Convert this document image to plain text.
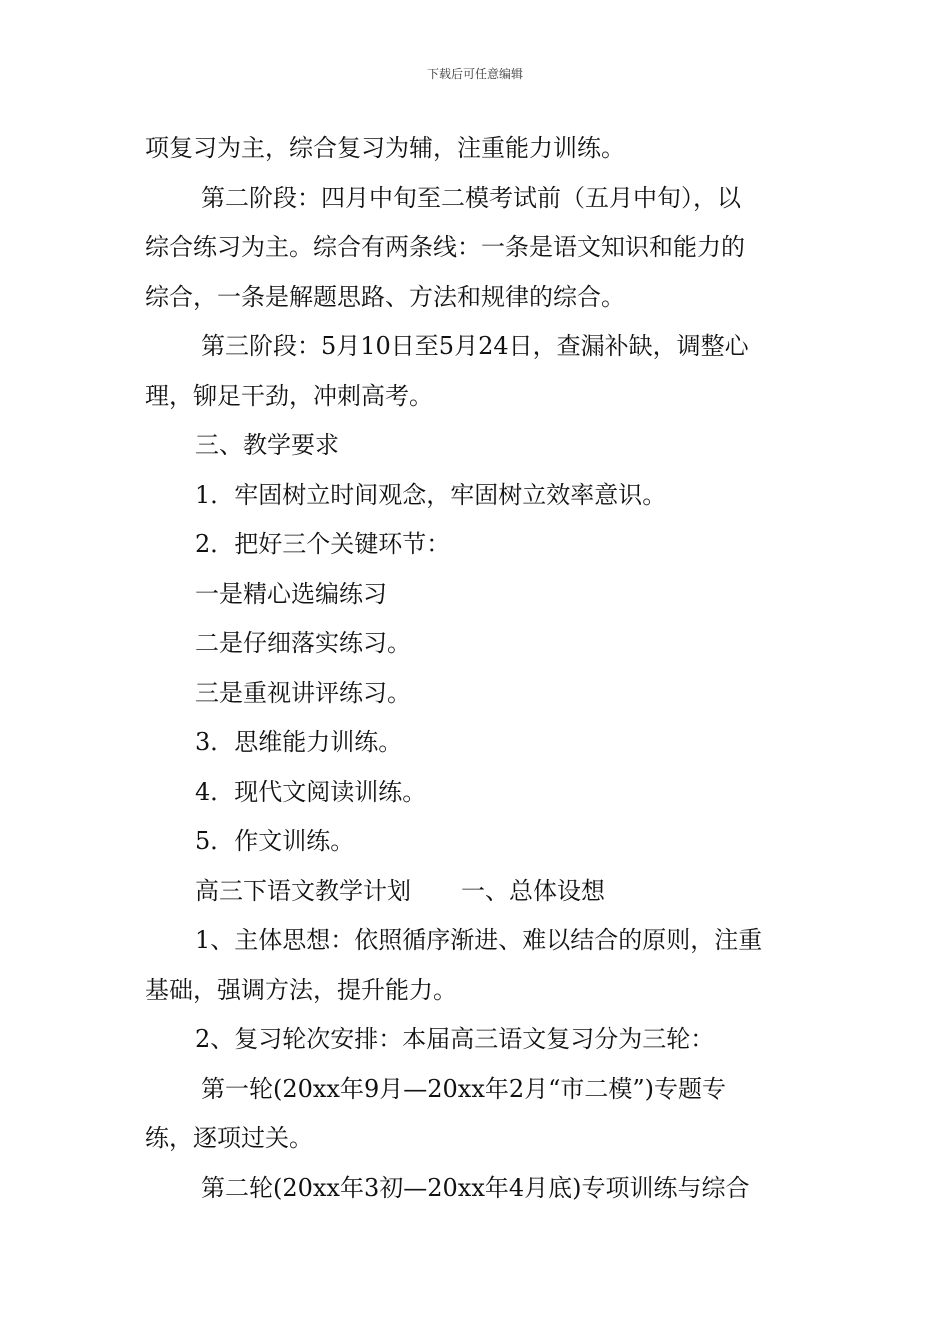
下载后可任意编辑
项复习为主，综合复习为辅，注重能力训练。
第二阶段：四月中旬至二模考试前（五月中旬），以
综合练习为主。综合有两条线：一条是语文知识和能力的
综合，一条是解题思路、方法和规律的综合。
第三阶段：5月10日至5月24日，查漏补缺，调整心
理，铆足干劲，冲刺高考。
三、教学要求
1．牢固树立时间观念，牢固树立效率意识。
2．把好三个关键环节：
一是精心选编练习
二是仔细落实练习。
三是重视讲评练习。
3．思维能力训练。
4．现代文阅读训练。
5．作文训练。
高三下语文教学计划 一、总体设想
1、主体思想：依照循序渐进、难以结合的原则，注重
基础，强调方法，提升能力。
2、复习轮次安排：本届高三语文复习分为三轮：
第一轮(20xx年9月—20xx年2月“市二模”)专题专
练，逐项过关。
第二轮(20xx年3初—20xx年4月底)专项训练与综合
